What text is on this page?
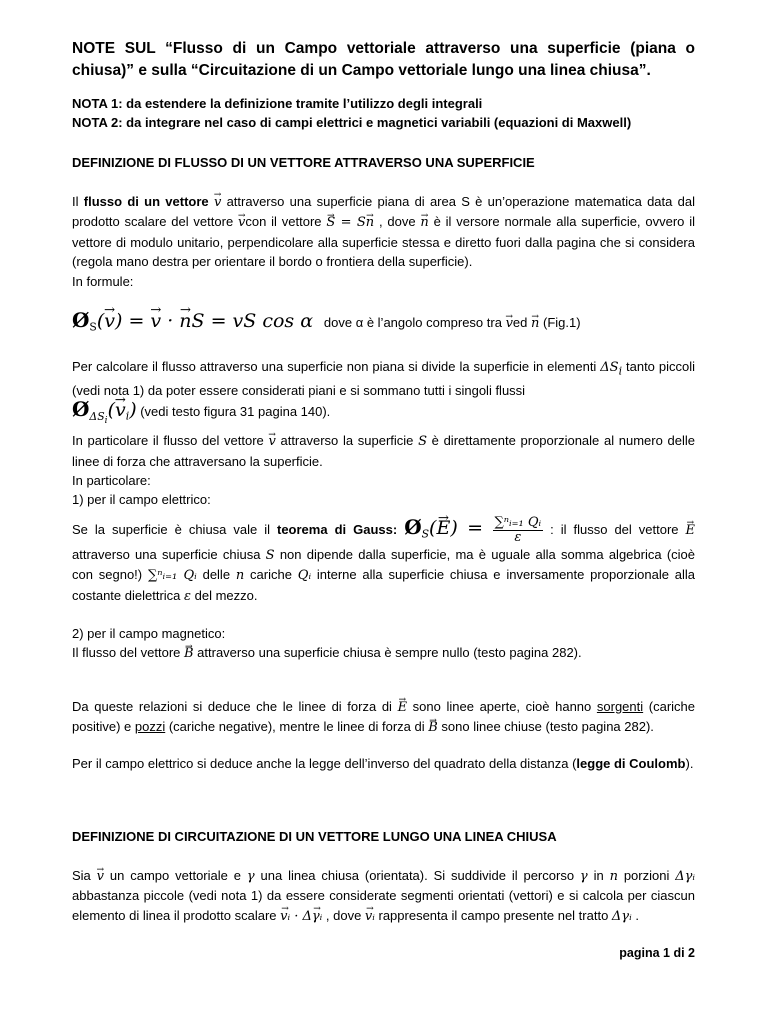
NOTE SUL “Flusso di un Campo vettoriale attraverso una superficie (piana o chiusa)” e sulla “Circuitazione di un Campo vettoriale lungo una linea chiusa”.

NOTA 1: da estendere la definizione tramite l’utilizzo degli integrali

NOTA 2: da integrare nel caso di campi elettrici e magnetici variabili (equazioni di Maxwell)

DEFINIZIONE DI FLUSSO DI UN VETTORE ATTRAVERSO UNA SUPERFICIE

Il flusso di un vettore → v attraverso una superficie piana di area S è un’operazione matematica data dal prodotto scalare del vettore → vcon il vettore → S = S→ n , dove → n è il versore normale alla superficie, ovvero il vettore di modulo unitario, perpendicolare alla superficie stessa e diretto fuori dalla pagina che si considera (regola mano destra per orientare il bordo o frontiera della superficie).

In formule:

$Ø_S(\to v)$ = → v · → nS = vS cos α dove α è l’angolo compreso tra → ved → n (Fig.1)

Per calcolare il flusso attraverso una superficie non piana si divide la superficie in elementi $\Delta S_i$ tanto piccoli (vedi nota 1) da poter essere considerati piani e si sommano tutti i singoli flussi
$Ø_{\Delta S_i}(\to v_i)$ (vedi testo figura 31 pagina 140).

In particolare il flusso del vettore → v attraverso la superficie S è direttamente proporzionale al numero delle linee di forza che attraversano la superficie.

In particolare:

1) per il campo elettrico:

Se la superficie è chiusa vale il teorema di Gauss: $Ø_S(\to E) = \frac{\text{∑ⁿᵢ₌₁ Qᵢ}}{\varepsilon}$ : il flusso del vettore → E attraverso una superficie chiusa S non dipende dalla superficie, ma è uguale alla somma algebrica (cioè con segno!) ∑ⁿᵢ₌₁ Qᵢ delle n cariche Qᵢ interne alla superficie chiusa e inversamente proporzionale alla costante dielettrica ε del mezzo.

2) per il campo magnetico:

Il flusso del vettore → B attraverso una superficie chiusa è sempre nullo (testo pagina 282).

Da queste relazioni si deduce che le linee di forza di → E sono linee aperte, cioè hanno sorgenti (cariche positive) e pozzi (cariche negative), mentre le linee di forza di → B sono linee chiuse (testo pagina 282).

Per il campo elettrico si deduce anche la legge dell’inverso del quadrato della distanza (legge di Coulomb).

DEFINIZIONE DI CIRCUITAZIONE DI UN VETTORE LUNGO UNA LINEA CHIUSA

Sia → v un campo vettoriale e γ una linea chiusa (orientata). Si suddivide il percorso γ in n porzioni Δγᵢ abbastanza piccole (vedi nota 1) da essere considerate segmenti orientati (vettori) e si calcola per ciascun elemento di linea il prodotto scalare → vᵢ · Δ→ γᵢ , dove → vᵢ rappresenta il campo presente nel tratto Δγᵢ .

pagina 1 di 2
